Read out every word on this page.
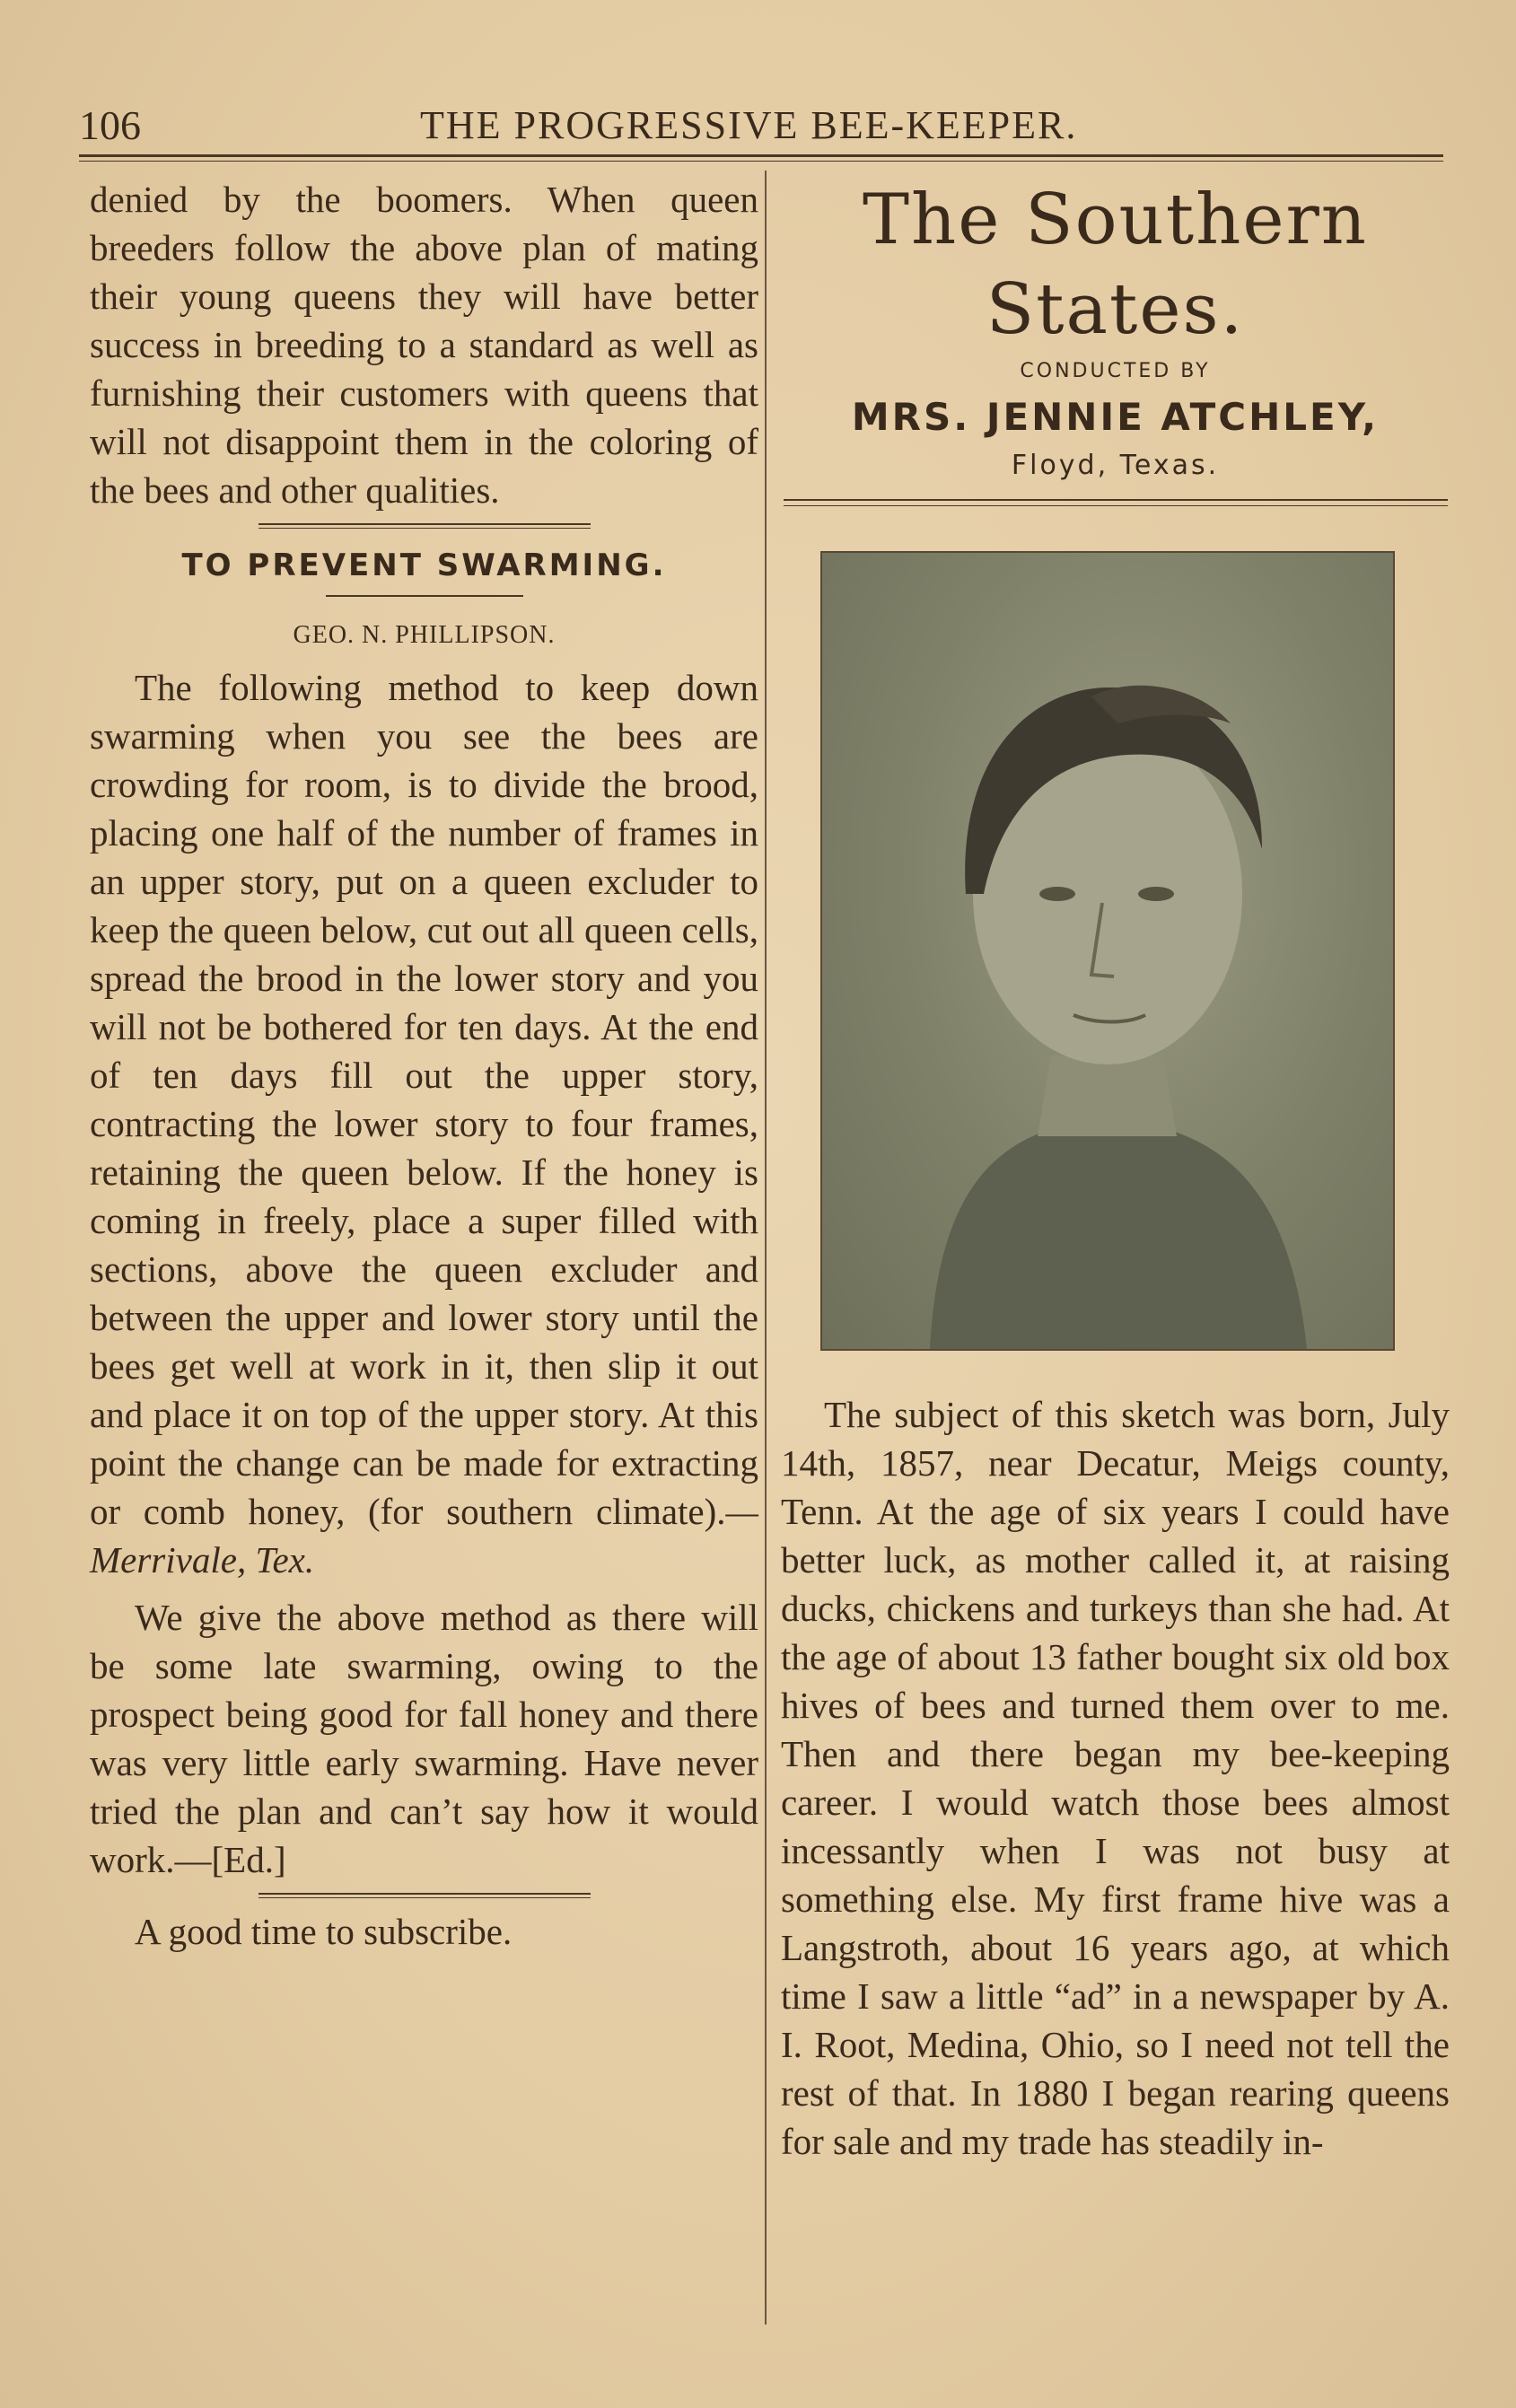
106	THE PROGRESSIVE BEE-KEEPER.

denied by the boomers. When queen breeders follow the above plan of mating their young queens they will have better success in breeding to a standard as well as furnishing their customers with queens that will not disappoint them in the coloring of the bees and other qualities.

TO PREVENT SWARMING.
GEO. N. PHILLIPSON.

The following method to keep down swarming when you see the bees are crowding for room, is to divide the brood, placing one half of the number of frames in an upper story, put on a queen excluder to keep the queen below, cut out all queen cells, spread the brood in the lower story and you will not be bothered for ten days. At the end of ten days fill out the upper story, contracting the lower story to four frames, retaining the queen below. If the honey is coming in freely, place a super filled with sections, above the queen excluder and between the upper and lower story until the bees get well at work in it, then slip it out and place it on top of the upper story. At this point the change can be made for extracting or comb honey, (for southern climate).—Merrivale, Tex.

We give the above method as there will be some late swarming, owing to the prospect being good for fall honey and there was very little early swarming. Have never tried the plan and can’t say how it would work.—[Ed.]

A good time to subscribe.

The Southern States.
CONDUCTED BY
MRS. JENNIE ATCHLEY,
Floyd, Texas.

The subject of this sketch was born, July 14th, 1857, near Decatur, Meigs county, Tenn. At the age of six years I could have better luck, as mother called it, at raising ducks, chickens and turkeys than she had. At the age of about 13 father bought six old box hives of bees and turned them over to me. Then and there began my bee-keeping career. I would watch those bees almost incessantly when I was not busy at something else. My first frame hive was a Langstroth, about 16 years ago, at which time I saw a little “ad” in a newspaper by A. I. Root, Medina, Ohio, so I need not tell the rest of that. In 1880 I began rearing queens for sale and my trade has steadily in-
